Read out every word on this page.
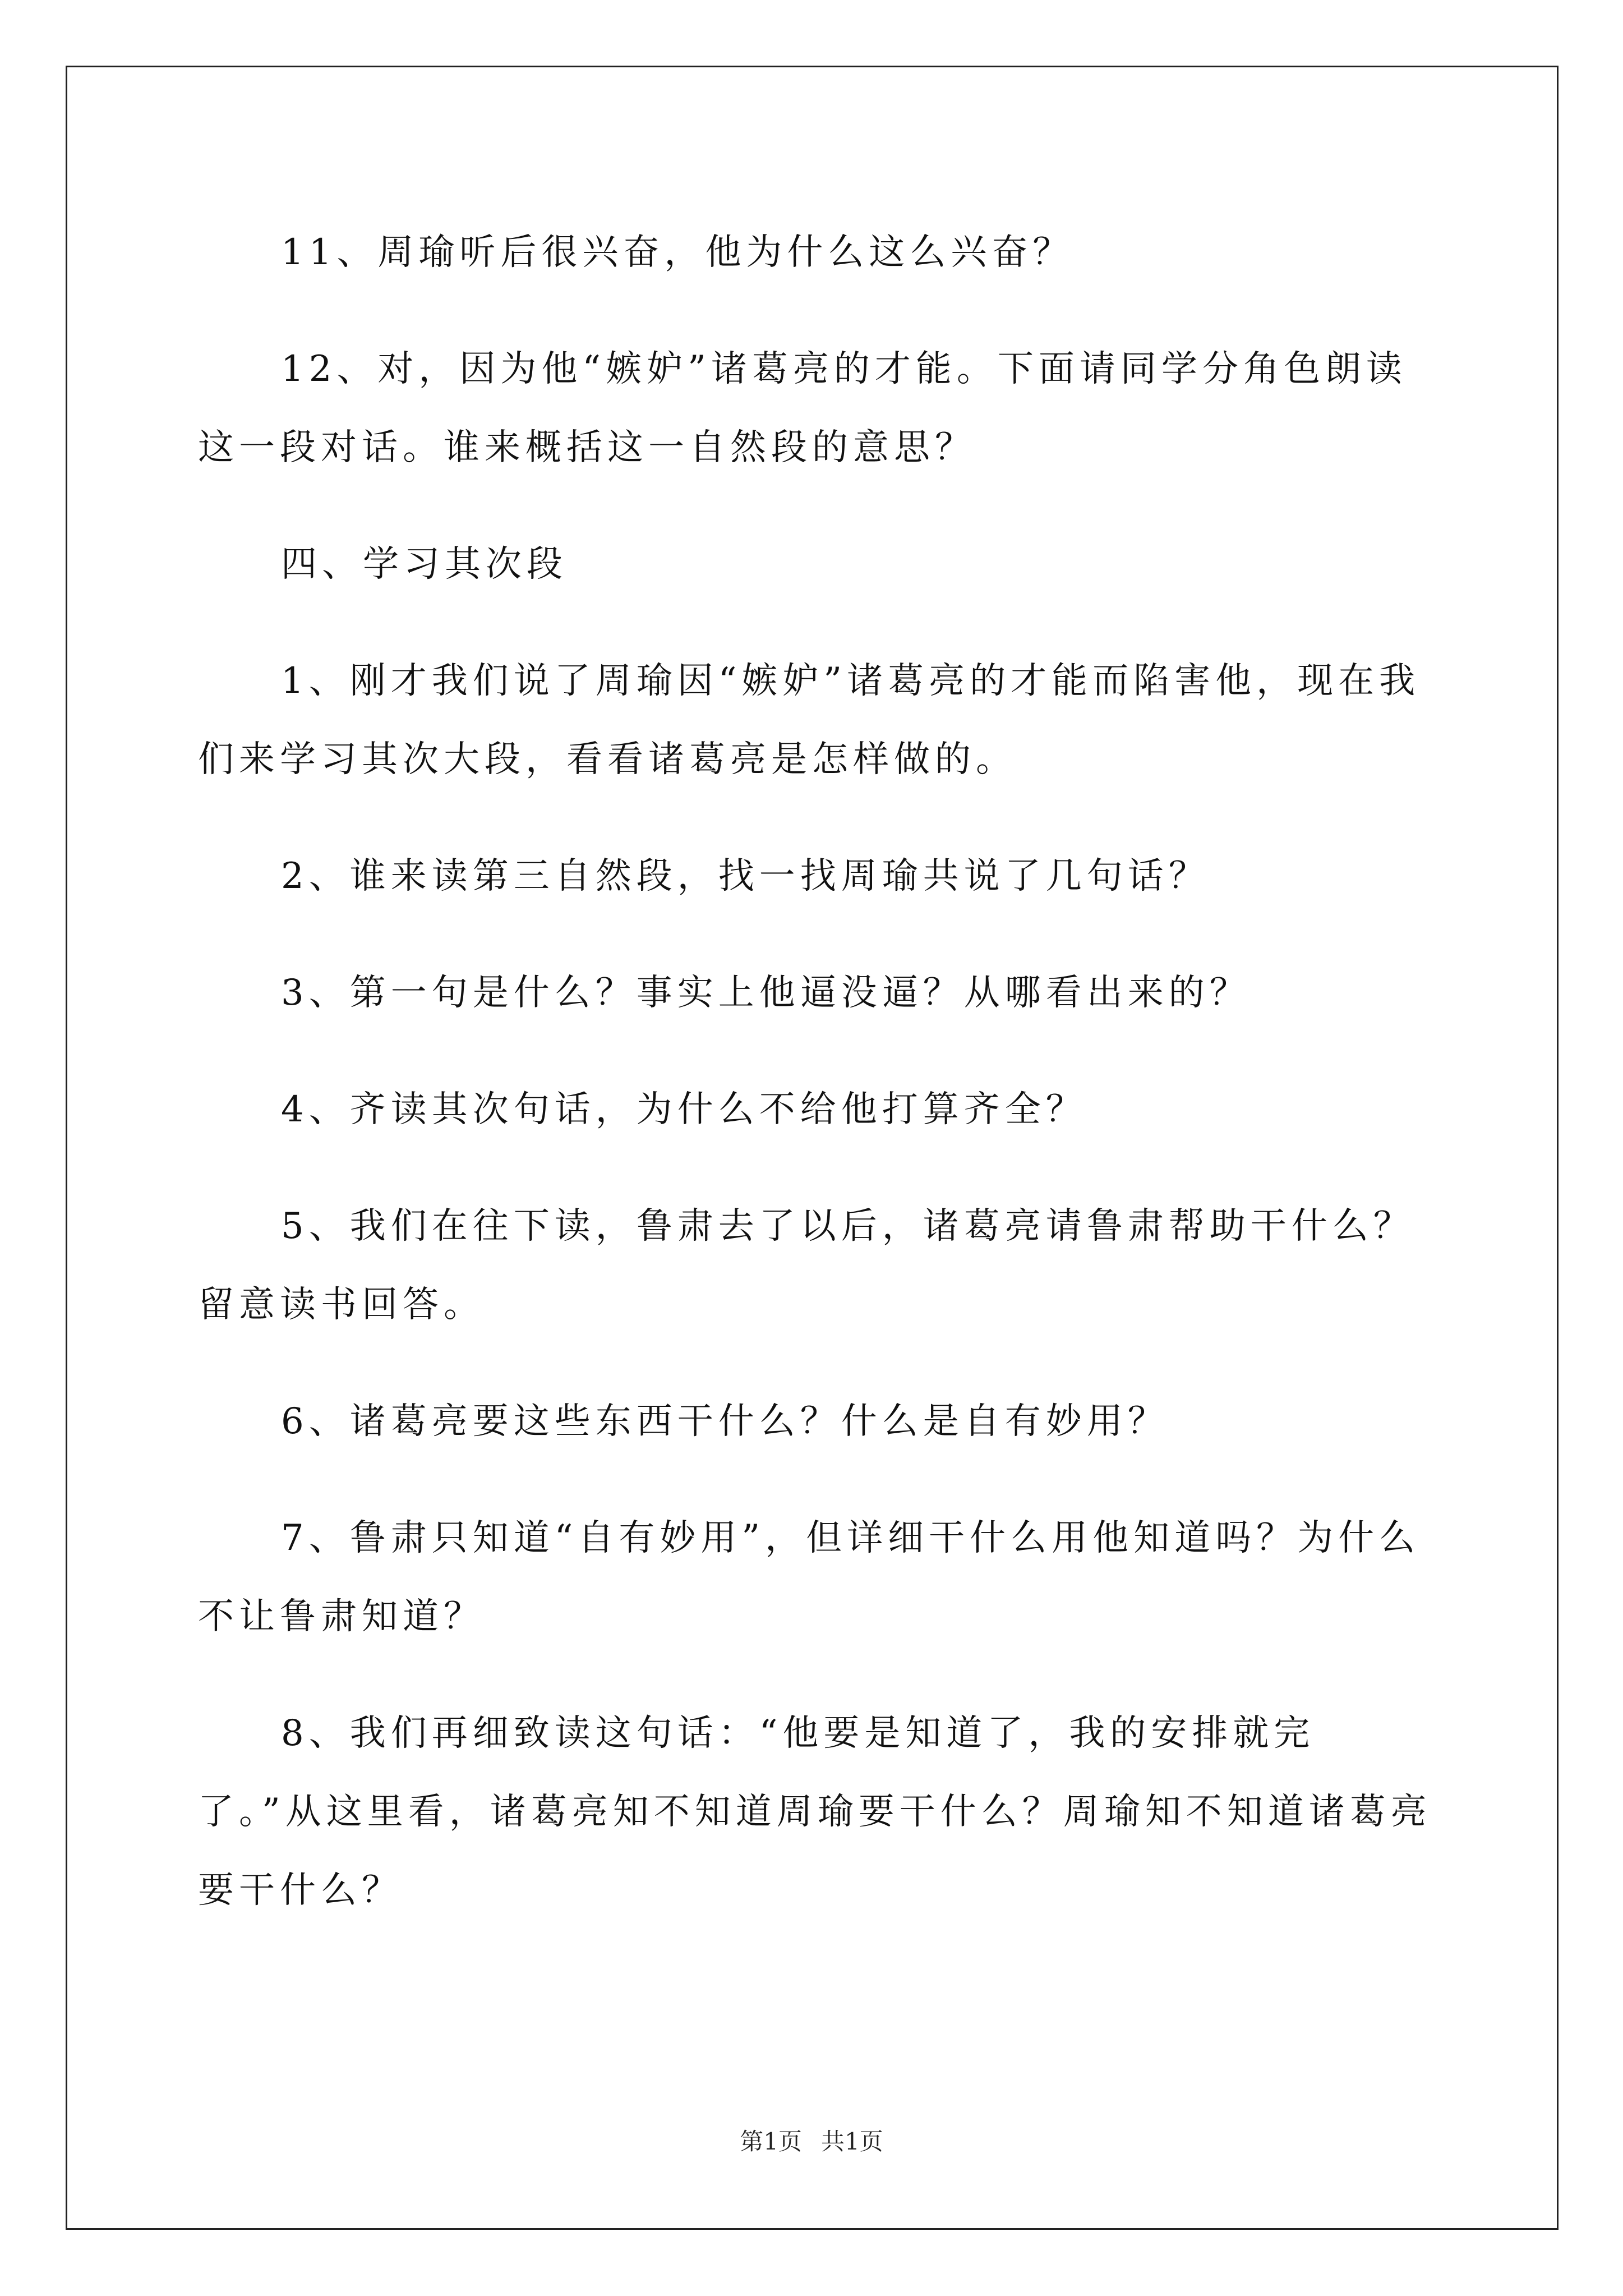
11、周瑜听后很兴奋，他为什么这么兴奋？

12、对，因为他“嫉妒”诸葛亮的才能。下面请同学分角色朗读这一段对话。谁来概括这一自然段的意思？

四、学习其次段

1、刚才我们说了周瑜因“嫉妒”诸葛亮的才能而陷害他，现在我们来学习其次大段，看看诸葛亮是怎样做的。

2、谁来读第三自然段，找一找周瑜共说了几句话？

3、第一句是什么？事实上他逼没逼？从哪看出来的？

4、齐读其次句话，为什么不给他打算齐全？

5、我们在往下读，鲁肃去了以后，诸葛亮请鲁肃帮助干什么？留意读书回答。

6、诸葛亮要这些东西干什么？什么是自有妙用？

7、鲁肃只知道“自有妙用”，但详细干什么用他知道吗？为什么不让鲁肃知道？

8、我们再细致读这句话：“他要是知道了，我的安排就完了。”从这里看，诸葛亮知不知道周瑜要干什么？周瑜知不知道诸葛亮要干什么？

第1页 共1页
